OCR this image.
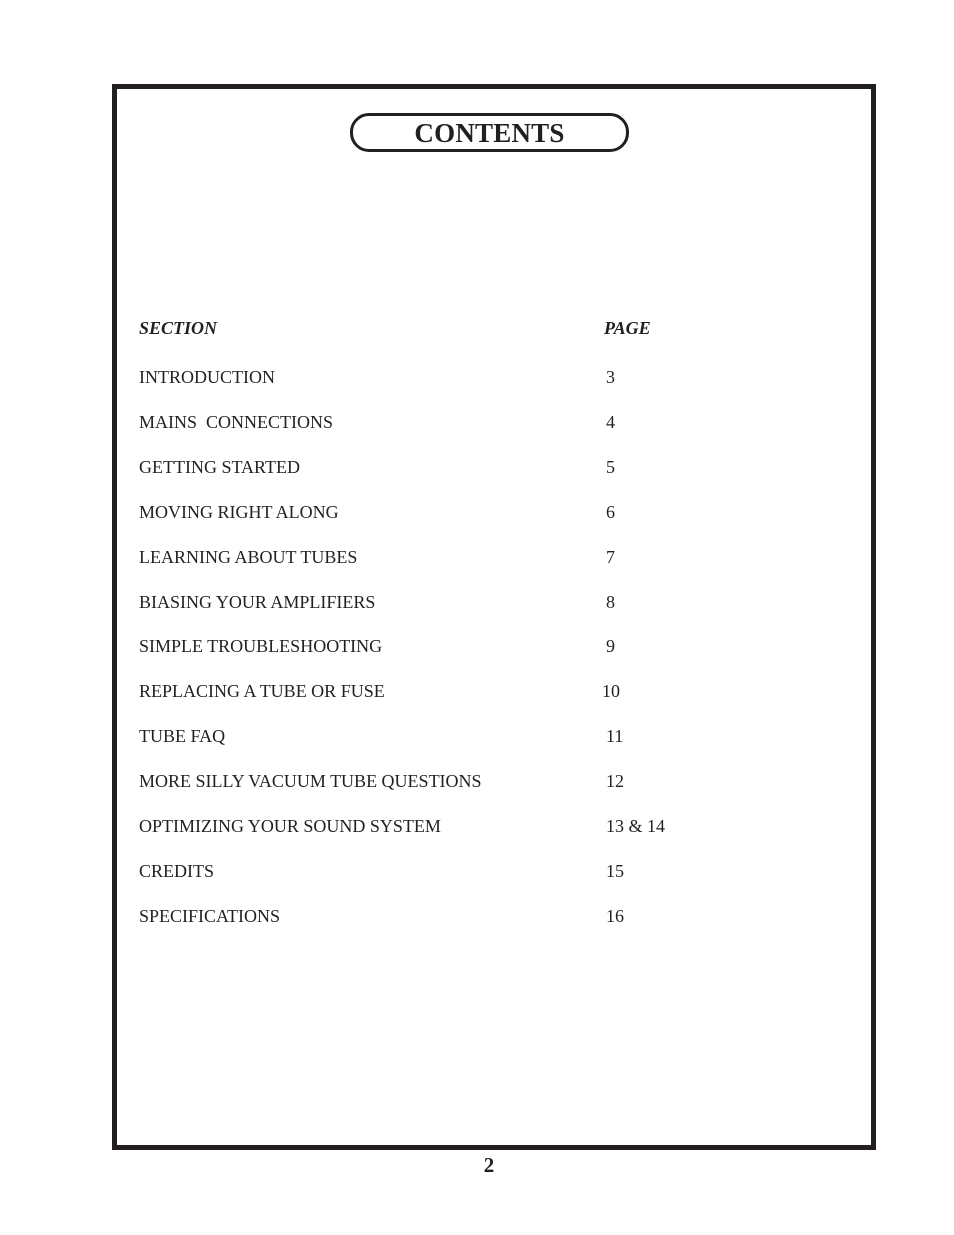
CONTENTS
SECTION	PAGE
INTRODUCTION	3
MAINS  CONNECTIONS	4
GETTING STARTED	5
MOVING RIGHT ALONG	6
LEARNING ABOUT TUBES	7
BIASING YOUR AMPLIFIERS	8
SIMPLE TROUBLESHOOTING	9
REPLACING A TUBE OR FUSE	10
TUBE FAQ	11
MORE SILLY VACUUM TUBE QUESTIONS	12
OPTIMIZING YOUR SOUND SYSTEM	13 & 14
CREDITS	15
SPECIFICATIONS	16
2
